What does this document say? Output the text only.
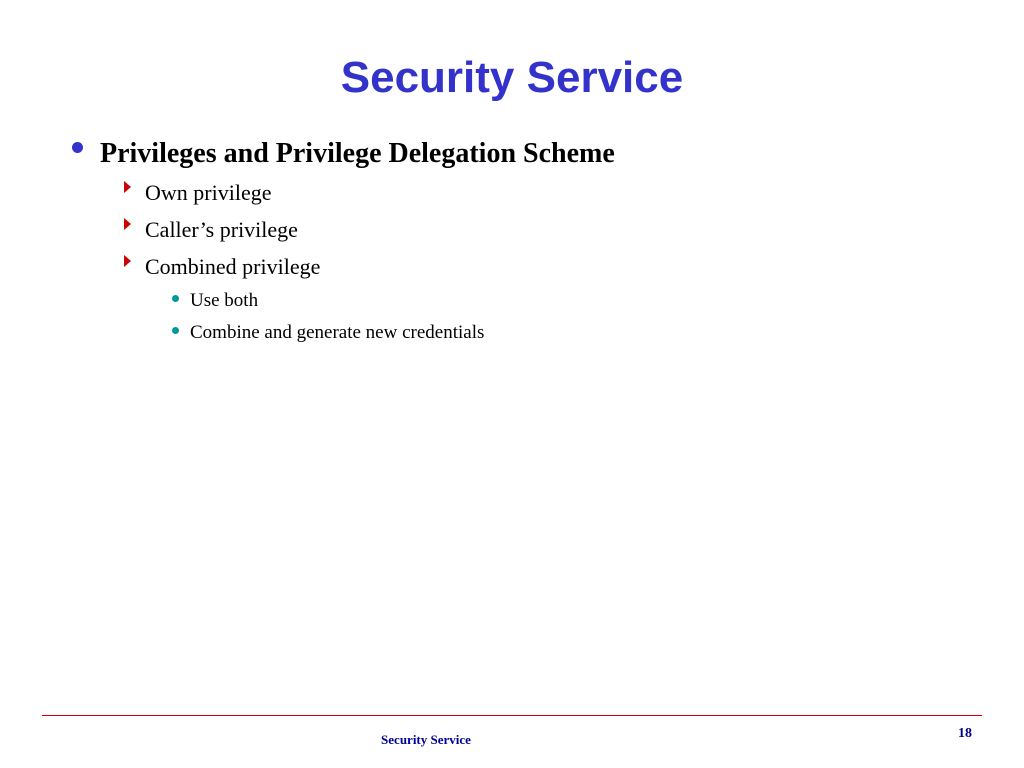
Security Service
Privileges and Privilege Delegation Scheme
Own privilege
Caller’s privilege
Combined privilege
Use both
Combine and generate new credentials
Security Service	18
